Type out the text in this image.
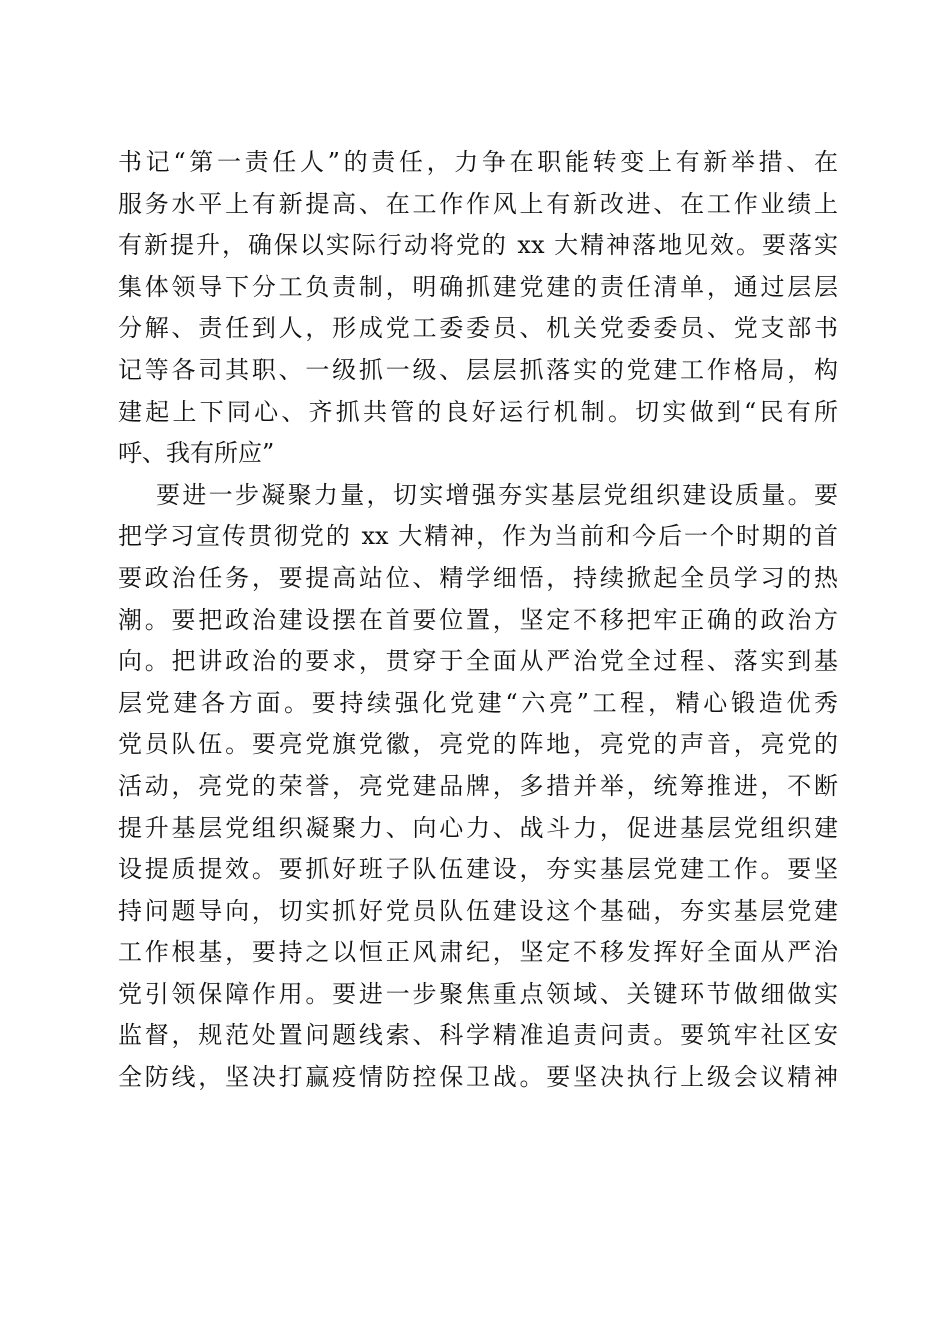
书记“第一责任人”的责任，力争在职能转变上有新举措、在
服务水平上有新提高、在工作作风上有新改进、在工作业绩上
有新提升，确保以实际行动将党的 xx 大精神落地见效。要落实
集体领导下分工负责制，明确抓建党建的责任清单，通过层层
分解、责任到人，形成党工委委员、机关党委委员、党支部书
记等各司其职、一级抓一级、层层抓落实的党建工作格局，构
建起上下同心、齐抓共管的良好运行机制。切实做到“民有所
呼、我有所应”
要进一步凝聚力量，切实增强夯实基层党组织建设质量。要
把学习宣传贯彻党的 xx 大精神，作为当前和今后一个时期的首
要政治任务，要提高站位、精学细悟，持续掀起全员学习的热
潮。要把政治建设摆在首要位置，坚定不移把牢正确的政治方
向。把讲政治的要求，贯穿于全面从严治党全过程、落实到基
层党建各方面。要持续强化党建“六亮”工程，精心锻造优秀
党员队伍。要亮党旗党徽，亮党的阵地，亮党的声音，亮党的
活动，亮党的荣誉，亮党建品牌，多措并举，统筹推进，不断
提升基层党组织凝聚力、向心力、战斗力，促进基层党组织建
设提质提效。要抓好班子队伍建设，夯实基层党建工作。要坚
持问题导向，切实抓好党员队伍建设这个基础，夯实基层党建
工作根基，要持之以恒正风肃纪，坚定不移发挥好全面从严治
党引领保障作用。要进一步聚焦重点领域、关键环节做细做实
监督，规范处置问题线索、科学精准追责问责。要筑牢社区安
全防线，坚决打赢疫情防控保卫战。要坚决执行上级会议精神
